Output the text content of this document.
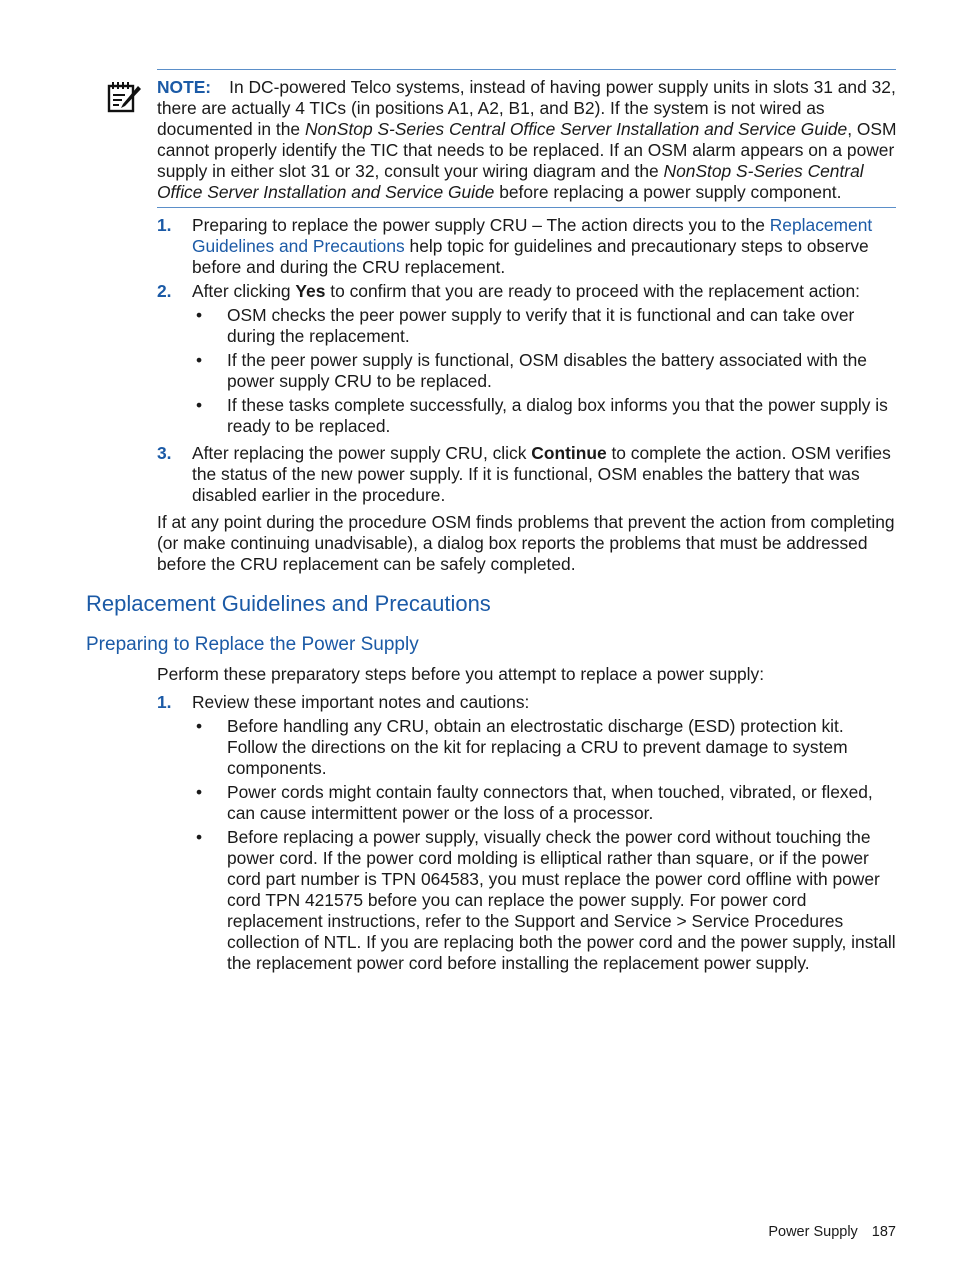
NOTE: In DC-powered Telco systems, instead of having power supply units in slots 31 and 32, there are actually 4 TICs (in positions A1, A2, B1, and B2). If the system is not wired as documented in the NonStop S-Series Central Office Server Installation and Service Guide, OSM cannot properly identify the TIC that needs to be replaced. If an OSM alarm appears on a power supply in either slot 31 or 32, consult your wiring diagram and the NonStop S-Series Central Office Server Installation and Service Guide before replacing a power supply component.
1. Preparing to replace the power supply CRU – The action directs you to the Replacement Guidelines and Precautions help topic for guidelines and precautionary steps to observe before and during the CRU replacement.
2. After clicking Yes to confirm that you are ready to proceed with the replacement action:
• OSM checks the peer power supply to verify that it is functional and can take over during the replacement.
• If the peer power supply is functional, OSM disables the battery associated with the power supply CRU to be replaced.
• If these tasks complete successfully, a dialog box informs you that the power supply is ready to be replaced.
3. After replacing the power supply CRU, click Continue to complete the action. OSM verifies the status of the new power supply. If it is functional, OSM enables the battery that was disabled earlier in the procedure.
If at any point during the procedure OSM finds problems that prevent the action from completing (or make continuing unadvisable), a dialog box reports the problems that must be addressed before the CRU replacement can be safely completed.
Replacement Guidelines and Precautions
Preparing to Replace the Power Supply
Perform these preparatory steps before you attempt to replace a power supply:
1. Review these important notes and cautions:
• Before handling any CRU, obtain an electrostatic discharge (ESD) protection kit. Follow the directions on the kit for replacing a CRU to prevent damage to system components.
• Power cords might contain faulty connectors that, when touched, vibrated, or flexed, can cause intermittent power or the loss of a processor.
• Before replacing a power supply, visually check the power cord without touching the power cord. If the power cord molding is elliptical rather than square, or if the power cord part number is TPN 064583, you must replace the power cord offline with power cord TPN 421575 before you can replace the power supply. For power cord replacement instructions, refer to the Support and Service > Service Procedures collection of NTL. If you are replacing both the power cord and the power supply, install the replacement power cord before installing the replacement power supply.
Power Supply 187
